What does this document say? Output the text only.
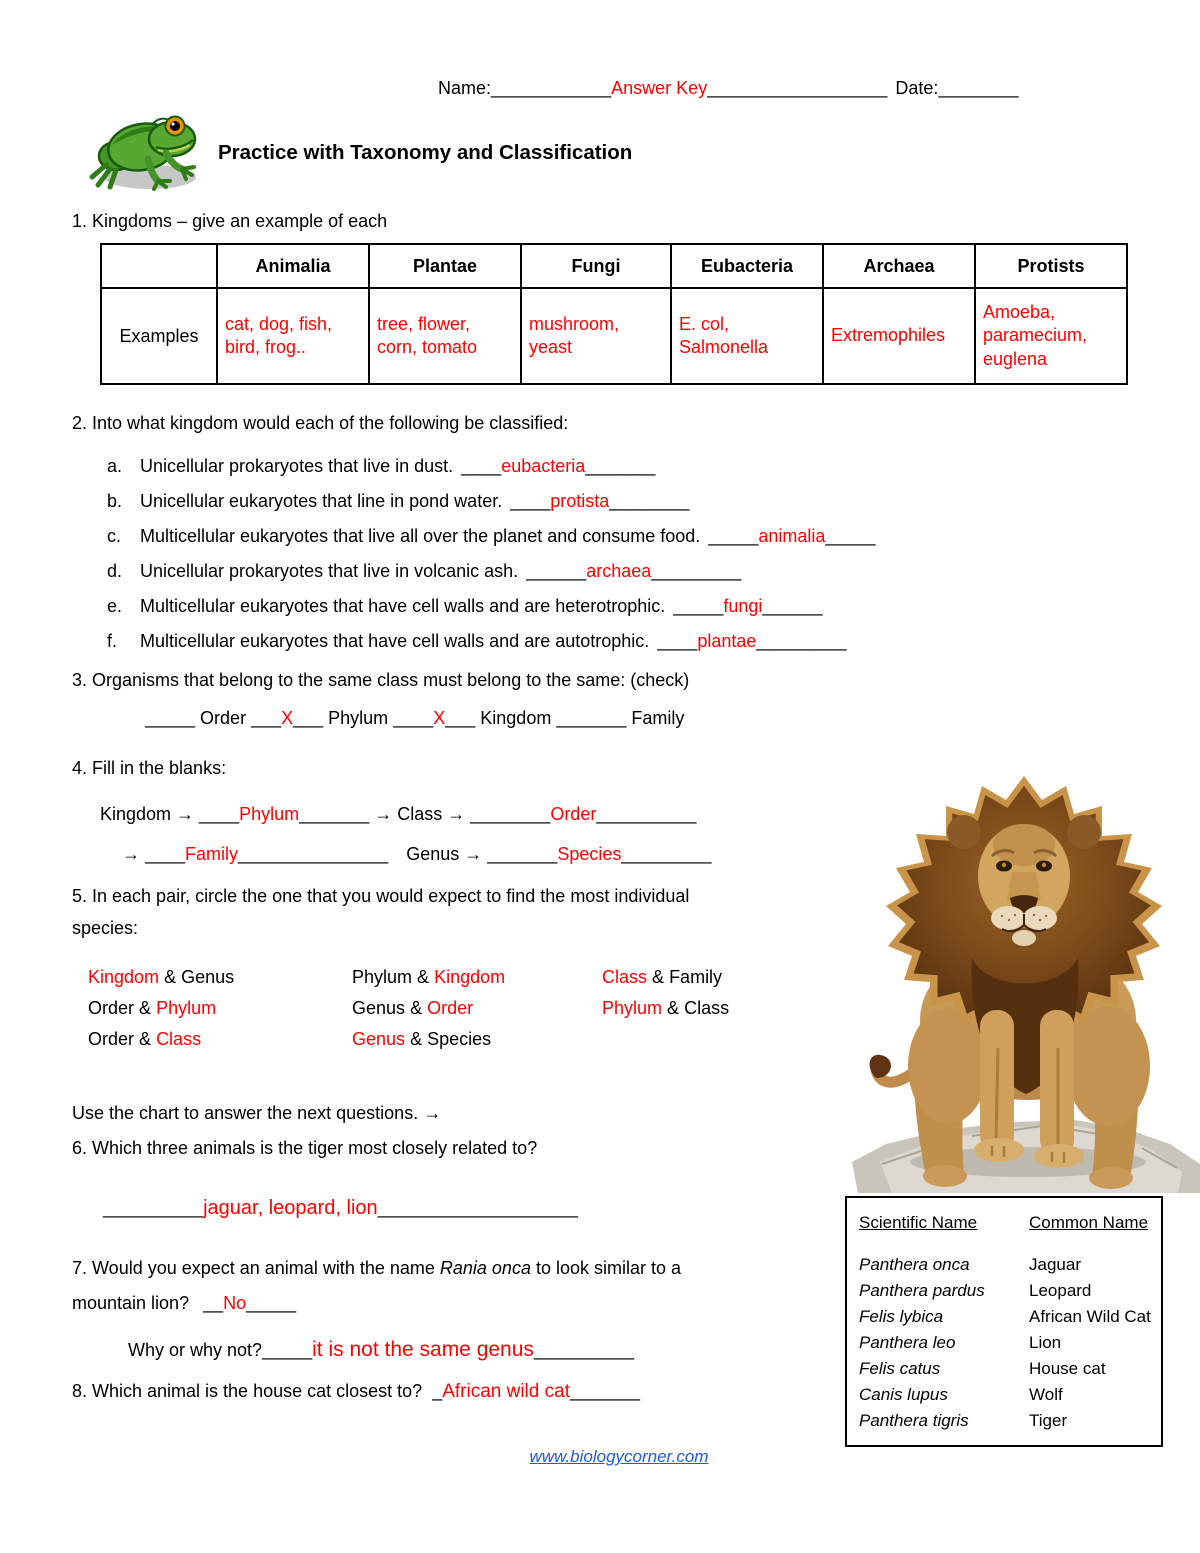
Name:____________Answer Key__________________ Date:________
Practice with Taxonomy and Classification
1. Kingdoms – give an example of each
	Animalia	Plantae	Fungi	Eubacteria	Archaea	Protists
Examples	cat, dog, fish, bird, frog..	tree, flower, corn, tomato	mushroom, yeast	E. col, Salmonella	Extremophiles	Amoeba, paramecium, euglena
2. Into what kingdom would each of the following be classified:
a. Unicellular prokaryotes that live in dust. ____eubacteria_______
b. Unicellular eukaryotes that line in pond water. ____protista________
c. Multicellular eukaryotes that live all over the planet and consume food. _____animalia_____
d. Unicellular prokaryotes that live in volcanic ash. ______archaea_________
e. Multicellular eukaryotes that have cell walls and are heterotrophic. _____fungi______
f. Multicellular eukaryotes that have cell walls and are autotrophic. ____plantae_________
3. Organisms that belong to the same class must belong to the same: (check)
_____ Order ___X___ Phylum ____X___ Kingdom _______ Family
4. Fill in the blanks:
Kingdom → ____Phylum_______ → Class → ________Order__________
→ ____Family_______________ Genus → _______Species_________
5. In each pair, circle the one that you would expect to find the most individual
species:
Kingdom & Genus
Order & Phylum
Order & Class
Phylum & Kingdom
Genus & Order
Genus & Species
Class & Family
Phylum & Class
Use the chart to answer the next questions. →
6. Which three animals is the tiger most closely related to?
__________jaguar, leopard, lion____________________
7. Would you expect an animal with the name Rania onca to look similar to a
mountain lion? __No_____
Why or why not?_____it is not the same genus__________
8. Which animal is the house cat closest to? _African wild cat_______
Scientific Name	Common Name
Panthera onca	Jaguar
Panthera pardus	Leopard
Felis lybica	African Wild Cat
Panthera leo	Lion
Felis catus	House cat
Canis lupus	Wolf
Panthera tigris	Tiger
www.biologycorner.com
